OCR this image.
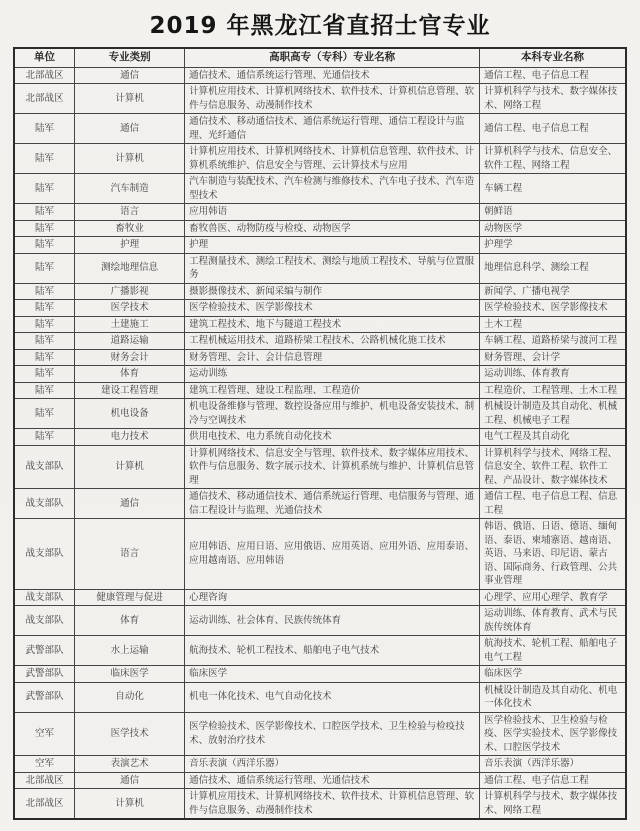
2019 年黑龙江省直招士官专业
单位	专业类别	高职高专（专科）专业名称	本科专业名称
北部战区	通信	通信技术、通信系统运行管理、光通信技术	通信工程、电子信息工程
北部战区	计算机	计算机应用技术、计算机网络技术、软件技术、计算机信息管理、软件与信息服务、动漫制作技术	计算机科学与技术、数字媒体技术、网络工程
陆军	通信	通信技术、移动通信技术、通信系统运行管理、通信工程设计与监理、光纤通信	通信工程、电子信息工程
陆军	计算机	计算机应用技术、计算机网络技术、计算机信息管理、软件技术、计算机系统维护、信息安全与管理、云计算技术与应用	计算机科学与技术、信息安全、软件工程、网络工程
陆军	汽车制造	汽车制造与装配技术、汽车检测与维修技术、汽车电子技术、汽车造型技术	车辆工程
陆军	语言	应用韩语	朝鲜语
陆军	畜牧业	畜牧兽医、动物防疫与检疫、动物医学	动物医学
陆军	护理	护理	护理学
陆军	测绘地理信息	工程测量技术、测绘工程技术、测绘与地质工程技术、导航与位置服务	地理信息科学、测绘工程
陆军	广播影视	摄影摄像技术、新闻采编与制作	新闻学、广播电视学
陆军	医学技术	医学检验技术、医学影像技术	医学检验技术、医学影像技术
陆军	土建施工	建筑工程技术、地下与隧道工程技术	土木工程
陆军	道路运输	工程机械运用技术、道路桥梁工程技术、公路机械化施工技术	车辆工程、道路桥梁与渡河工程
陆军	财务会计	财务管理、会计、会计信息管理	财务管理、会计学
陆军	体育	运动训练	运动训练、体育教育
陆军	建设工程管理	建筑工程管理、建设工程监理、工程造价	工程造价、工程管理、土木工程
陆军	机电设备	机电设备维修与管理、数控设备应用与维护、机电设备安装技术、制冷与空调技术	机械设计制造及其自动化、机械工程、机械电子工程
陆军	电力技术	供用电技术、电力系统自动化技术	电气工程及其自动化
战支部队	计算机	计算机网络技术、信息安全与管理、软件技术、数字媒体应用技术、软件与信息服务、数字展示技术、计算机系统与维护、计算机信息管理	计算机科学与技术、网络工程、信息安全、软件工程、软件工程、产品设计、数字媒体技术
战支部队	通信	通信技术、移动通信技术、通信系统运行管理、电信服务与管理、通信工程设计与监理、光通信技术	通信工程、电子信息工程、信息工程
战支部队	语言	应用韩语、应用日语、应用俄语、应用英语、应用外语、应用泰语、应用越南语、应用韩语	韩语、俄语、日语、德语、缅甸语、泰语、柬埔寨语、越南语、英语、马来语、印尼语、蒙古语、国际商务、行政管理、公共事业管理
战支部队	健康管理与促进	心理咨询	心理学、应用心理学、教育学
战支部队	体育	运动训练、社会体育、民族传统体育	运动训练、体育教育、武术与民族传统体育
武警部队	水上运输	航海技术、轮机工程技术、船舶电子电气技术	航海技术、轮机工程、船舶电子电气工程
武警部队	临床医学	临床医学	临床医学
武警部队	自动化	机电一体化技术、电气自动化技术	机械设计制造及其自动化、机电一体化技术
空军	医学技术	医学检验技术、医学影像技术、口腔医学技术、卫生检验与检疫技术、放射治疗技术	医学检验技术、卫生检验与检疫、医学实验技术、医学影像技术、口腔医学技术
空军	表演艺术	音乐表演（西洋乐器）	音乐表演（西洋乐器）
北部战区	通信	通信技术、通信系统运行管理、光通信技术	通信工程、电子信息工程
北部战区	计算机	计算机应用技术、计算机网络技术、软件技术、计算机信息管理、软件与信息服务、动漫制作技术	计算机科学与技术、数字媒体技术、网络工程
